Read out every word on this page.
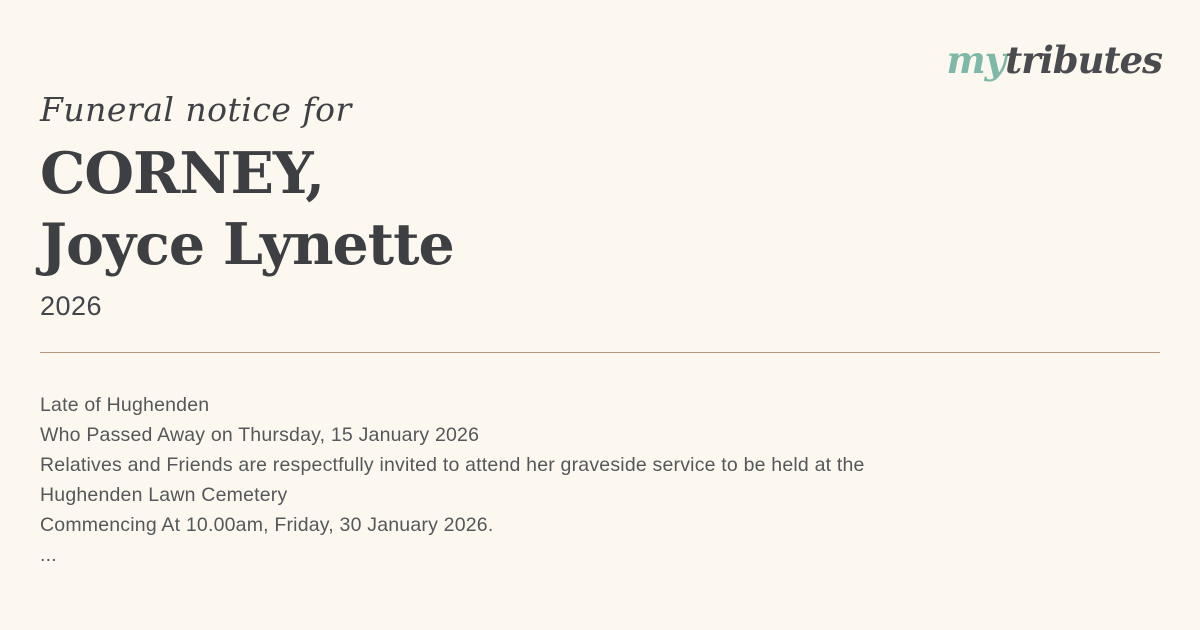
mytributes
Funeral notice for
CORNEY,
Joyce Lynette
2026
Late of Hughenden
Who Passed Away on Thursday, 15 January 2026
Relatives and Friends are respectfully invited to attend her graveside service to be held at the
Hughenden Lawn Cemetery
Commencing At 10.00am, Friday, 30 January 2026.
...
